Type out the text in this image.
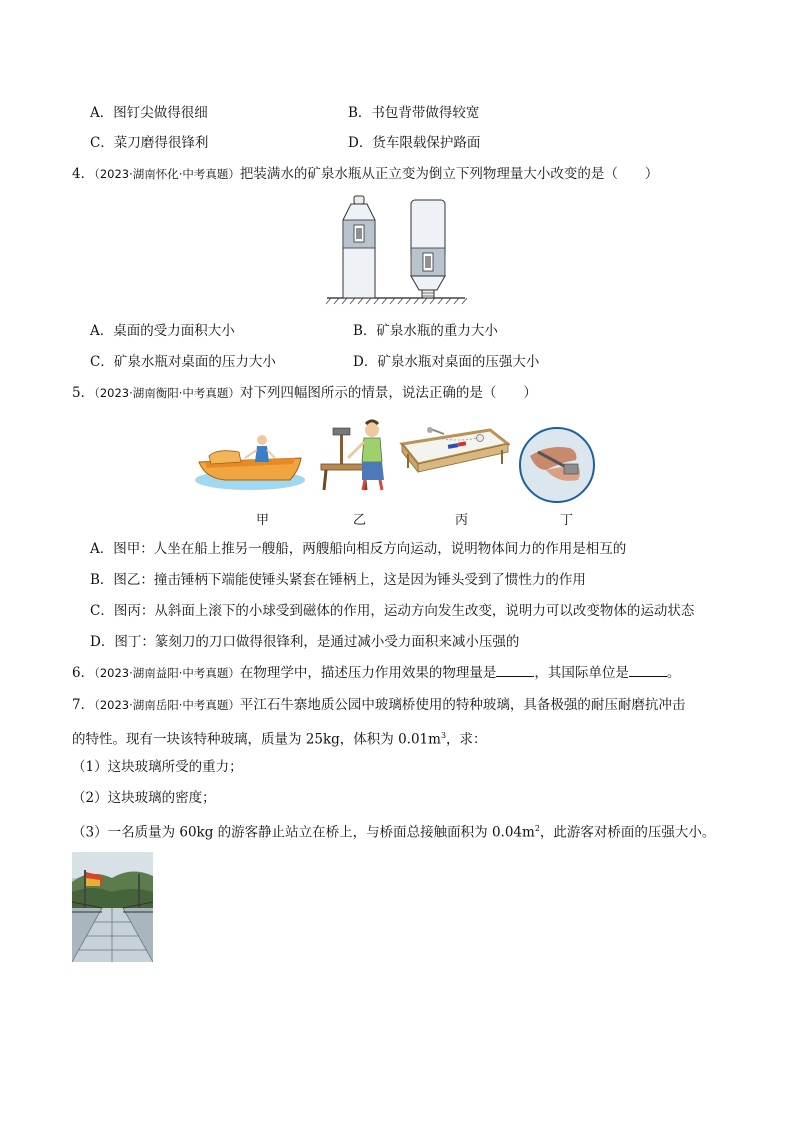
A．图钉尖做得很细	B．书包背带做得较宽
C．菜刀磨得很锋利	D．货车限载保护路面
4．（2023·湖南怀化·中考真题）把装满水的矿泉水瓶从正立变为倒立下列物理量大小改变的是（　　）
A．桌面的受力面积大小	B．矿泉水瓶的重力大小
C．矿泉水瓶对桌面的压力大小	D．矿泉水瓶对桌面的压强大小
5．（2023·湖南衡阳·中考真题）对下列四幅图所示的情景，说法正确的是（　　）
甲	乙	丙	丁
A．图甲：人坐在船上推另一艘船，两艘船向相反方向运动，说明物体间力的作用是相互的
B．图乙：撞击锤柄下端能使锤头紧套在锤柄上，这是因为锤头受到了惯性力的作用
C．图丙：从斜面上滚下的小球受到磁体的作用，运动方向发生改变，说明力可以改变物体的运动状态
D．图丁：篆刻刀的刀口做得很锋利，是通过减小受力面积来减小压强的
6．（2023·湖南益阳·中考真题）在物理学中，描述压力作用效果的物理量是	，其国际单位是	。
7．（2023·湖南岳阳·中考真题）平江石牛寨地质公园中玻璃桥使用的特种玻璃，具备极强的耐压耐磨抗冲击
的特性。现有一块该特种玻璃，质量为 25kg，体积为 $0.01m^3$，求：
（1）这块玻璃所受的重力；
（2）这块玻璃的密度；
（3）一名质量为 60kg 的游客静止站立在桥上，与桥面总接触面积为 $0.04m^2$，此游客对桥面的压强大小。
